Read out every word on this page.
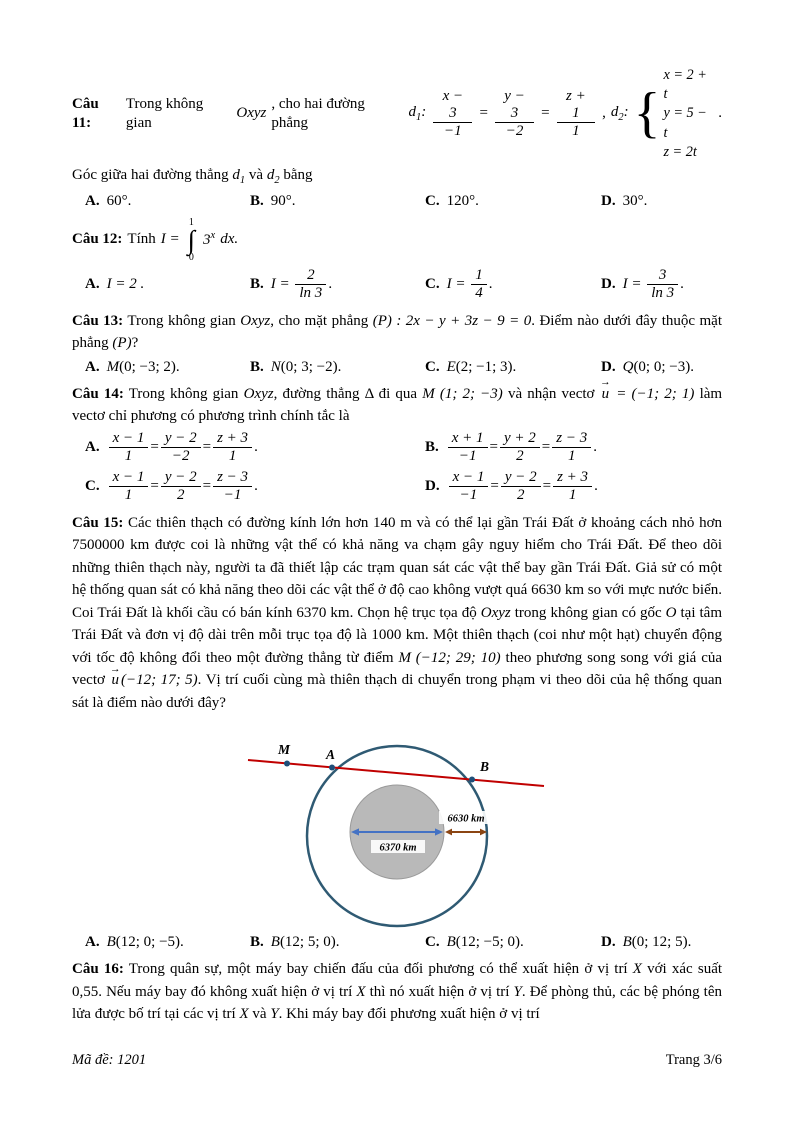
Câu 11:
Trong không gian
Oxyz
, cho hai đường phẳng
$d_1$: $\frac{x - 3}{-1} = \frac{y - 3}{-2} = \frac{z + 1}{1}$ , $d_2$: {
x = 2 + t
y = 5 − t
z = 2t
.

Góc giữa hai đường thẳng $d_1$ và $d_2$ bằng

A. 60°.	B. 90°.	C. 120°.	D. 30°.
Câu 12: Tính I =
1
∫
0
3$^x$ dx.
A. I = 2 .	B. $I = \frac{2}{\ln 3}$ .	C. $I = \frac{1}{4}$ .	D. $I = \frac{3}{\ln 3}$ .

Câu 13: Trong không gian Oxyz, cho mặt phẳng (P) : 2x − y + 3z − 9 = 0. Điểm nào dưới đây thuộc mặt phẳng (P)?

A. M(0; −3; 2).	B. N(0; 3; −2).	C. E(2; −1; 3).	D. Q(0; 0; −3).

Câu 14: Trong không gian Oxyz, đường thẳng Δ đi qua M (1; 2; −3) và nhận vectơ → u = (−1; 2; 1) làm vectơ chỉ phương có phương trình chính tắc là

A. $\frac{x - 1}{1} = \frac{y - 2}{-2} = \frac{z + 3}{1}$ .	B. $\frac{x + 1}{-1} = \frac{y + 2}{2} = \frac{z - 3}{1}$ .
C. $\frac{x - 1}{1} = \frac{y - 2}{2} = \frac{z - 3}{-1}$ .	D. $\frac{x - 1}{-1} = \frac{y - 2}{2} = \frac{z + 3}{1}$ .

Câu 15: Các thiên thạch có đường kính lớn hơn 140 m và có thể lại gần Trái Đất ở khoảng cách nhỏ hơn 7500000 km được coi là những vật thể có khả năng va chạm gây nguy hiểm cho Trái Đất. Để theo dõi những thiên thạch này, người ta đã thiết lập các trạm quan sát các vật thể bay gần Trái Đất. Giả sử có một hệ thống quan sát có khả năng theo dõi các vật thể ở độ cao không vượt quá 6630 km so với mực nước biển. Coi Trái Đất là khối cầu có bán kính 6370 km. Chọn hệ trục tọa độ Oxyz trong không gian có gốc O tại tâm Trái Đất và đơn vị độ dài trên mỗi trục tọa độ là 1000 km. Một thiên thạch (coi như một hạt) chuyển động với tốc độ không đổi theo một đường thẳng từ điểm M (−12; 29; 10) theo phương song song với giá của vectơ → u (−12; 17; 5). Vị trí cuối cùng mà thiên thạch di chuyển trong phạm vi theo dõi của hệ thống quan sát là điểm nào dưới đây?

6370 km
6630 km
M	A
B
A. B(12; 0; −5).	B. B(12; 5; 0).	C. B(12; −5; 0).	D. B(0; 12; 5).

Câu 16: Trong quân sự, một máy bay chiến đấu của đối phương có thể xuất hiện ở vị trí X với xác suất 0,55. Nếu máy bay đó không xuất hiện ở vị trí X thì nó xuất hiện ở vị trí Y. Để phòng thủ, các bệ phóng tên lửa được bố trí tại các vị trí X và Y. Khi máy bay đối phương xuất hiện ở vị trí

Mã đề: 1201	Trang 3/6
